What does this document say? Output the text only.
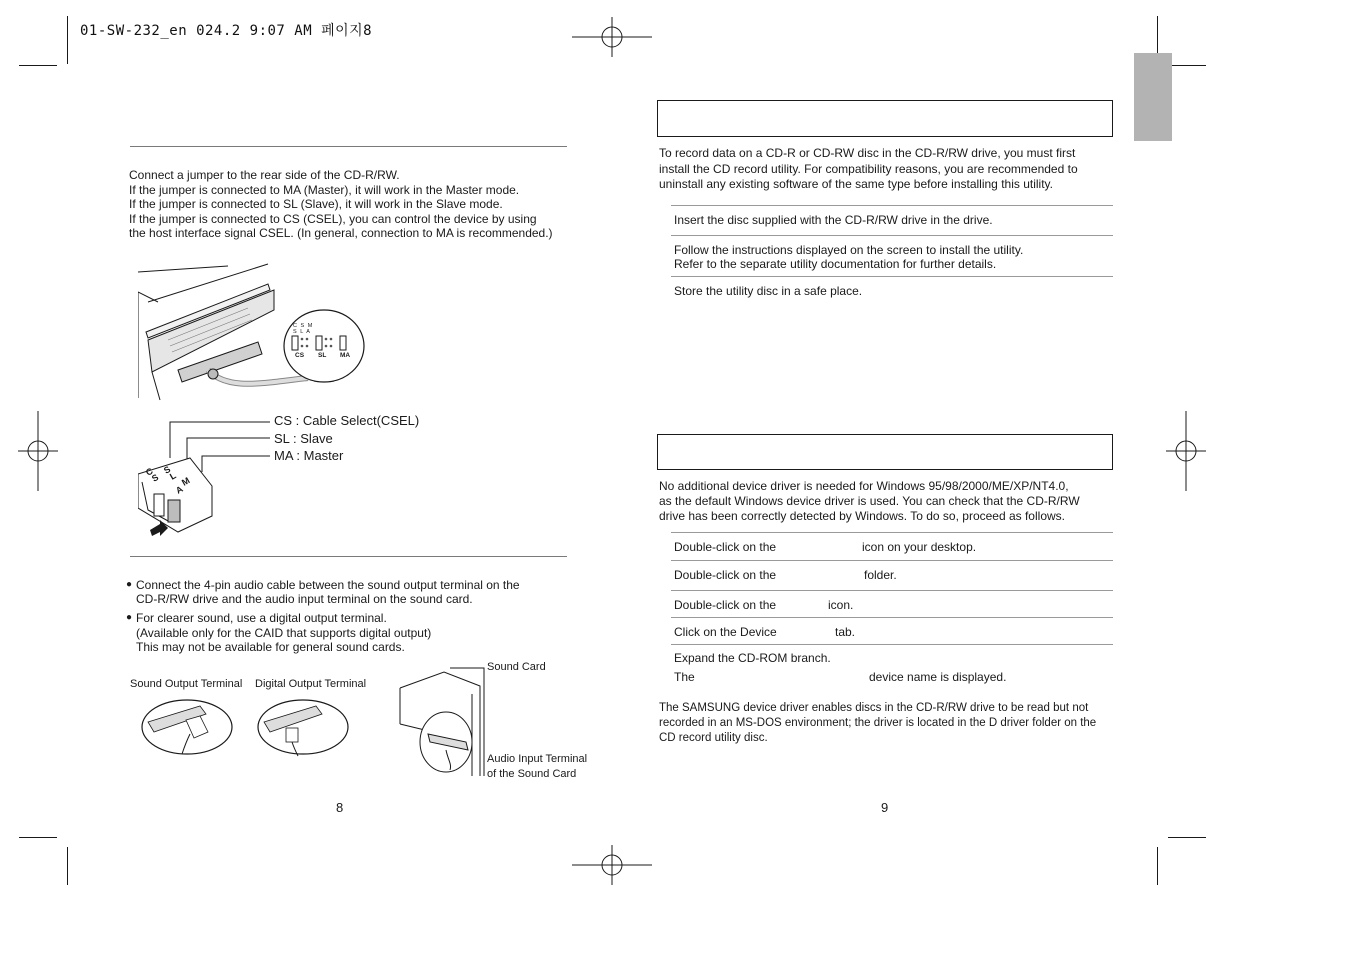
01-SW-232_en 024.2 9:07 AM 페이지8
Connect a jumper to the rear side of the CD-R/RW.
If the jumper is connected to MA (Master), it will work in the Master mode.
If the jumper is connected to SL (Slave), it will work in the Slave mode.
If the jumper is connected to CS (CSEL), you can control the device by using
the host interface signal CSEL. (In general, connection to MA is recommended.)
C S M
S L A
CS SL MA
C
S
S
L M
A
CS : Cable Select(CSEL)
SL : Slave
MA : Master
● Connect the 4-pin audio cable between the sound output terminal on the
CD-R/RW drive and the audio input terminal on the sound card.
● For clearer sound, use a digital output terminal.
(Available only for the CAID that supports digital output)
This may not be available for general sound cards.
Sound Output Terminal Digital Output Terminal
Sound Card
Audio Input Terminal
of the Sound Card
8
To record data on a CD-R or CD-RW disc in the CD-R/RW drive, you must first
install the CD record utility. For compatibility reasons, you are recommended to
uninstall any existing software of the same type before installing this utility.
Insert the disc supplied with the CD-R/RW drive in the drive.
Follow the instructions displayed on the screen to install the utility.
Refer to the separate utility documentation for further details.
Store the utility disc in a safe place.
No additional device driver is needed for Windows 95/98/2000/ME/XP/NT4.0,
as the default Windows device driver is used. You can check that the CD-R/RW
drive has been correctly detected by Windows. To do so, proceed as follows.
Double-click on the	icon on your desktop.
Double-click on the	folder.
Double-click on the	icon.
Click on the Device	tab.
Expand the CD-ROM branch.
The	device name is displayed.
The SAMSUNG device driver enables discs in the CD-R/RW drive to be read but not
recorded in an MS-DOS environment; the driver is located in the D driver folder on the
CD record utility disc.
9
